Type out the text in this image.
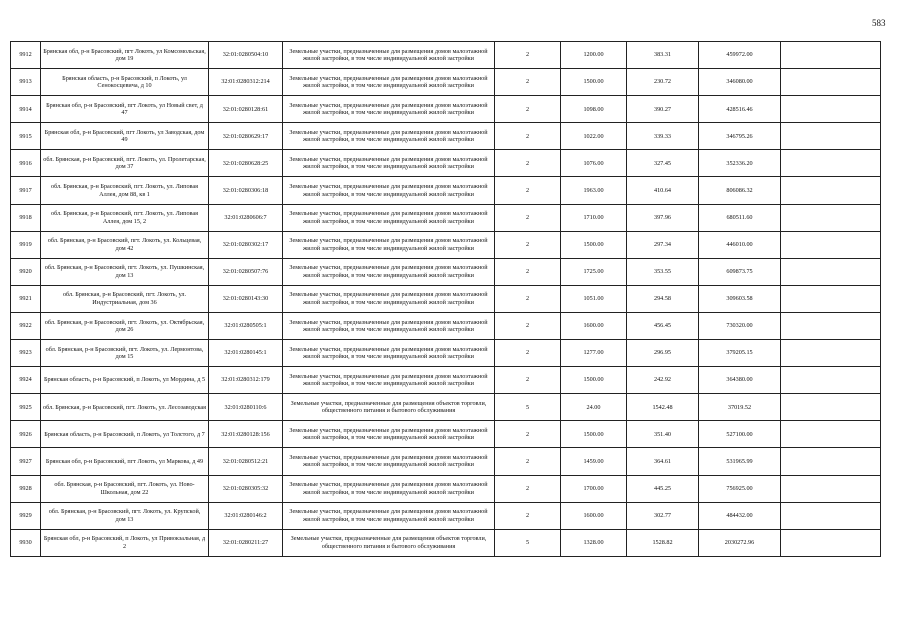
583
9912	Брянская обл, р-н Брасовский, пгт Локоть, ул Комсомольская, дом 19	32:01:0280504:10	Земельные участки, предназначенные для размещения домов малоэтажной жилой застройки, в том числе индивидуальной жилой застройки	2	1200.00	383.31	459972.00	
9913	Брянская область, р-н Брасовский, п Локоть, ул Сенокосцевича, д 10	32:01:0280312:214	Земельные участки, предназначенные для размещения домов малоэтажной жилой застройки, в том числе индивидуальной жилой застройки	2	1500.00	230.72	346080.00	
9914	Брянская обл, р-н Брасовский, пгт Локоть, ул Новый свет, д 47	32:01:0280128:61	Земельные участки, предназначенные для размещения домов малоэтажной жилой застройки, в том числе индивидуальной жилой застройки	2	1098.00	390.27	428516.46	
9915	Брянская обл, р-н Брасовский, пгт Локоть, ул Заводская, дом 49	32:01:0280629:17	Земельные участки, предназначенные для размещения домов малоэтажной жилой застройки, в том числе индивидуальной жилой застройки	2	1022.00	339.33	346795.26	
9916	обл. Брянская, р-н Брасовский, пгт. Локоть, ул. Пролетарская, дом 37	32:01:0280628:25	Земельные участки, предназначенные для размещения домов малоэтажной жилой застройки, в том числе индивидуальной жилой застройки	2	1076.00	327.45	352336.20	
9917	обл. Брянская, р-н Брасовский, пгт. Локоть, ул. Липовая Аллея, дом 88, кв 1	32:01:0280306:18	Земельные участки, предназначенные для размещения домов малоэтажной жилой застройки, в том числе индивидуальной жилой застройки	2	1963.00	410.64	806086.32	
9918	обл. Брянская, р-н Брасовский, пгт. Локоть, ул. Липовая Аллея, дом 15, 2	32:01:0280606:7	Земельные участки, предназначенные для размещения домов малоэтажной жилой застройки, в том числе индивидуальной жилой застройки	2	1710.00	397.96	680511.60	
9919	обл. Брянская, р-н Брасовский, пгт. Локоть, ул. Кольцевая, дом 42	32:01:0280302:17	Земельные участки, предназначенные для размещения домов малоэтажной жилой застройки, в том числе индивидуальной жилой застройки	2	1500.00	297.34	446010.00	
9920	обл. Брянская, р-н Брасовский, пгт. Локоть, ул. Пушкинская, дом 13	32:01:0280507:76	Земельные участки, предназначенные для размещения домов малоэтажной жилой застройки, в том числе индивидуальной жилой застройки	2	1725.00	353.55	609873.75	
9921	обл. Брянская, р-н Брасовский, пгт. Локоть, ул. Индустриальная, дом 36	32:01:0280143:30	Земельные участки, предназначенные для размещения домов малоэтажной жилой застройки, в том числе индивидуальной жилой застройки	2	1051.00	294.58	309603.58	
9922	обл. Брянская, р-н Брасовский, пгт. Локоть, ул. Октябрьская, дом 26	32:01:0280505:1	Земельные участки, предназначенные для размещения домов малоэтажной жилой застройки, в том числе индивидуальной жилой застройки	2	1600.00	456.45	730320.00	
9923	обл. Брянская, р-н Брасовский, пгт. Локоть, ул. Лермонтова, дом 15	32:01:0280145:1	Земельные участки, предназначенные для размещения домов малоэтажной жилой застройки, в том числе индивидуальной жилой застройки	2	1277.00	296.95	379205.15	
9924	Брянская область, р-н Брасовский, п Локоть, ул Мордина, д 5	32:01:0280312:179	Земельные участки, предназначенные для размещения домов малоэтажной жилой застройки, в том числе индивидуальной жилой застройки	2	1500.00	242.92	364380.00	
9925	обл. Брянская, р-н Брасовский, пгт. Локоть, ул. Лесозаводская	32:01:0280110:6	Земельные участки, предназначенные для размещения объектов торговли, общественного питания и бытового обслуживания	5	24.00	1542.48	37019.52	
9926	Брянская область, р-н Брасовский, п Локоть, ул Толстого, д 7	32:01:0280128:156	Земельные участки, предназначенные для размещения домов малоэтажной жилой застройки, в том числе индивидуальной жилой застройки	2	1500.00	351.40	527100.00	
9927	Брянская обл, р-н Брасовский, пгт Локоть, ул Маркова, д 49	32:01:0280512:21	Земельные участки, предназначенные для размещения домов малоэтажной жилой застройки, в том числе индивидуальной жилой застройки	2	1459.00	364.61	531965.99	
9928	обл. Брянская, р-н Брасовский, пгт. Локоть, ул. Ново-Школьная, дом 22	32:01:0280305:32	Земельные участки, предназначенные для размещения домов малоэтажной жилой застройки, в том числе индивидуальной жилой застройки	2	1700.00	445.25	756925.00	
9929	обл. Брянская, р-н Брасовский, пгт. Локоть, ул. Крупской, дом 13	32:01:0280146:2	Земельные участки, предназначенные для размещения домов малоэтажной жилой застройки, в том числе индивидуальной жилой застройки	2	1600.00	302.77	484432.00	
9930	Брянская обл, р-н Брасовский, п Локоть, ул Привокзальная, д 2	32:01:0280211:27	Земельные участки, предназначенные для размещения объектов торговли, общественного питания и бытового обслуживания	5	1328.00	1528.82	2030272.96	
